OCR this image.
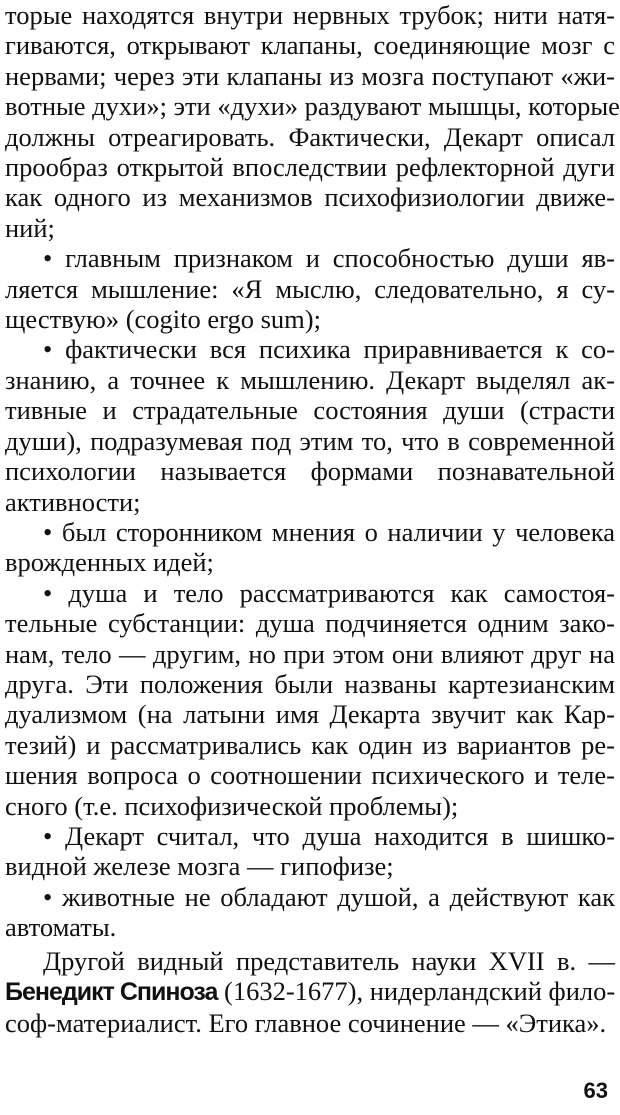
торые находятся внутри нервных трубок; нити натя-
гиваются, открывают клапаны, соединяющие мозг с
нервами; через эти клапаны из мозга поступают «жи-
вотные духи»; эти «духи» раздувают мышцы, которые
должны отреагировать. Фактически, Декарт описал
прообраз открытой впоследствии рефлекторной дуги
как одного из механизмов психофизиологии движе-
ний;
• главным признаком и способностью души яв-
ляется мышление: «Я мыслю, следовательно, я су-
ществую» (cogito ergo sum);
• фактически вся психика приравнивается к со-
знанию, а точнее к мышлению. Декарт выделял ак-
тивные и страдательные состояния души (страсти
души), подразумевая под этим то, что в современной
психологии называется формами познавательной
активности;
• был сторонником мнения о наличии у человека
врожденных идей;
• душа и тело рассматриваются как самостоя-
тельные субстанции: душа подчиняется одним зако-
нам, тело — другим, но при этом они влияют друг на
друга. Эти положения были названы картезианским
дуализмом (на латыни имя Декарта звучит как Кар-
тезий) и рассматривались как один из вариантов ре-
шения вопроса о соотношении психического и теле-
сного (т.е. психофизической проблемы);
• Декарт считал, что душа находится в шишко-
видной железе мозга — гипофизе;
• животные не обладают душой, а действуют как
автоматы.
Другой видный представитель науки XVII в. —
Бенедикт Спиноза (1632-1677), нидерландский фило-
соф-материалист. Его главное сочинение — «Этика».
63
